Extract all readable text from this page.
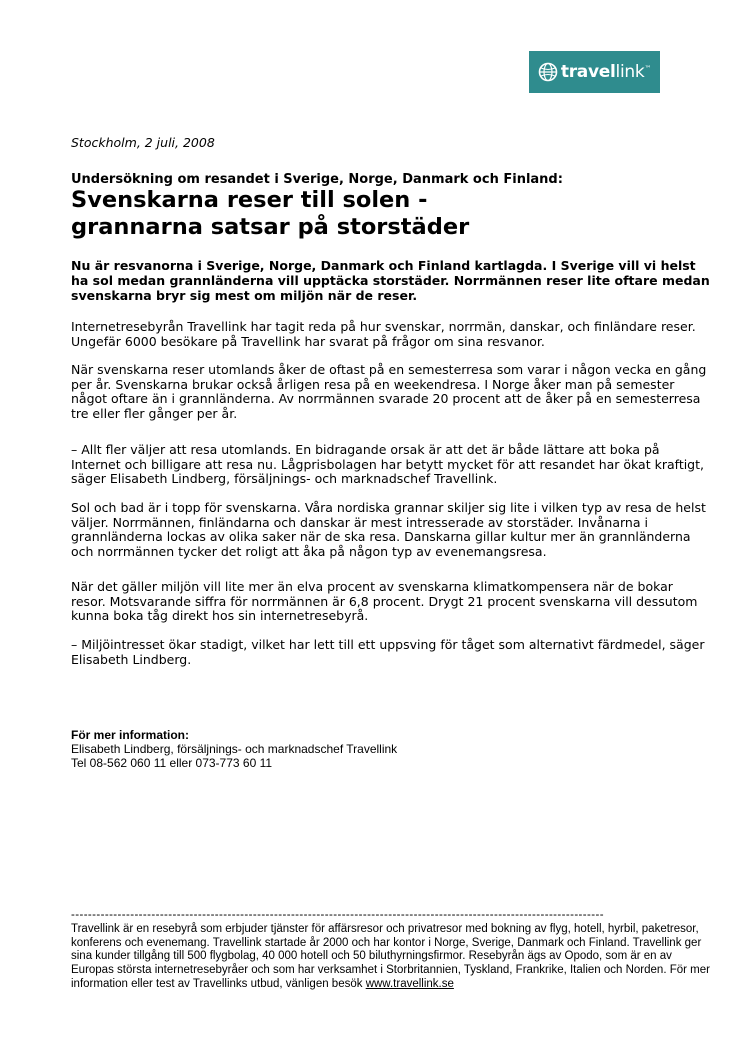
travellink™
Stockholm, 2 juli, 2008
Undersökning om resandet i Sverige, Norge, Danmark och Finland:
Svenskarna reser till solen -
grannarna satsar på storstäder

Nu är resvanorna i Sverige, Norge, Danmark och Finland kartlagda. I Sverige vill vi helst ha sol medan grannländerna vill upptäcka storstäder. Norrmännen reser lite oftare medan svenskarna bryr sig mest om miljön när de reser.

Internetresebyrån Travellink har tagit reda på hur svenskar, norrmän, danskar, och finländare reser. Ungefär 6000 besökare på Travellink har svarat på frågor om sina resvanor.

När svenskarna reser utomlands åker de oftast på en semesterresa som varar i någon vecka en gång per år. Svenskarna brukar också årligen resa på en weekendresa. I Norge åker man på semester något oftare än i grannländerna. Av norrmännen svarade 20 procent att de åker på en semesterresa tre eller fler gånger per år.

– Allt fler väljer att resa utomlands. En bidragande orsak är att det är både lättare att boka på Internet och billigare att resa nu. Lågprisbolagen har betytt mycket för att resandet har ökat kraftigt, säger Elisabeth Lindberg, försäljnings- och marknadschef Travellink.

Sol och bad är i topp för svenskarna. Våra nordiska grannar skiljer sig lite i vilken typ av resa de helst väljer. Norrmännen, finländarna och danskar är mest intresserade av storstäder. Invånarna i grannländerna lockas av olika saker när de ska resa. Danskarna gillar kultur mer än grannländerna och norrmännen tycker det roligt att åka på någon typ av evenemangsresa.

När det gäller miljön vill lite mer än elva procent av svenskarna klimatkompensera när de bokar resor. Motsvarande siffra för norrmännen är 6,8 procent. Drygt 21 procent svenskarna vill dessutom kunna boka tåg direkt hos sin internetresebyrå.

– Miljöintresset ökar stadigt, vilket har lett till ett uppsving för tåget som alternativt färdmedel, säger Elisabeth Lindberg.

För mer information:
Elisabeth Lindberg, försäljnings- och marknadschef Travellink
Tel 08-562 060 11 eller 073-773 60 11
------------------------------------------------------------------------------------------------------------------------------
Travellink är en resebyrå som erbjuder tjänster för affärsresor och privatresor med bokning av flyg, hotell, hyrbil, paketresor, konferens och evenemang. Travellink startade år 2000 och har kontor i Norge, Sverige, Danmark och Finland. Travellink ger sina kunder tillgång till 500 flygbolag, 40 000 hotell och 50 biluthyrningsfirmor. Resebyrån ägs av Opodo, som är en av Europas största internetresebyråer och som har verksamhet i Storbritannien, Tyskland, Frankrike, Italien och Norden. För mer information eller test av Travellinks utbud, vänligen besök www.travellink.se
